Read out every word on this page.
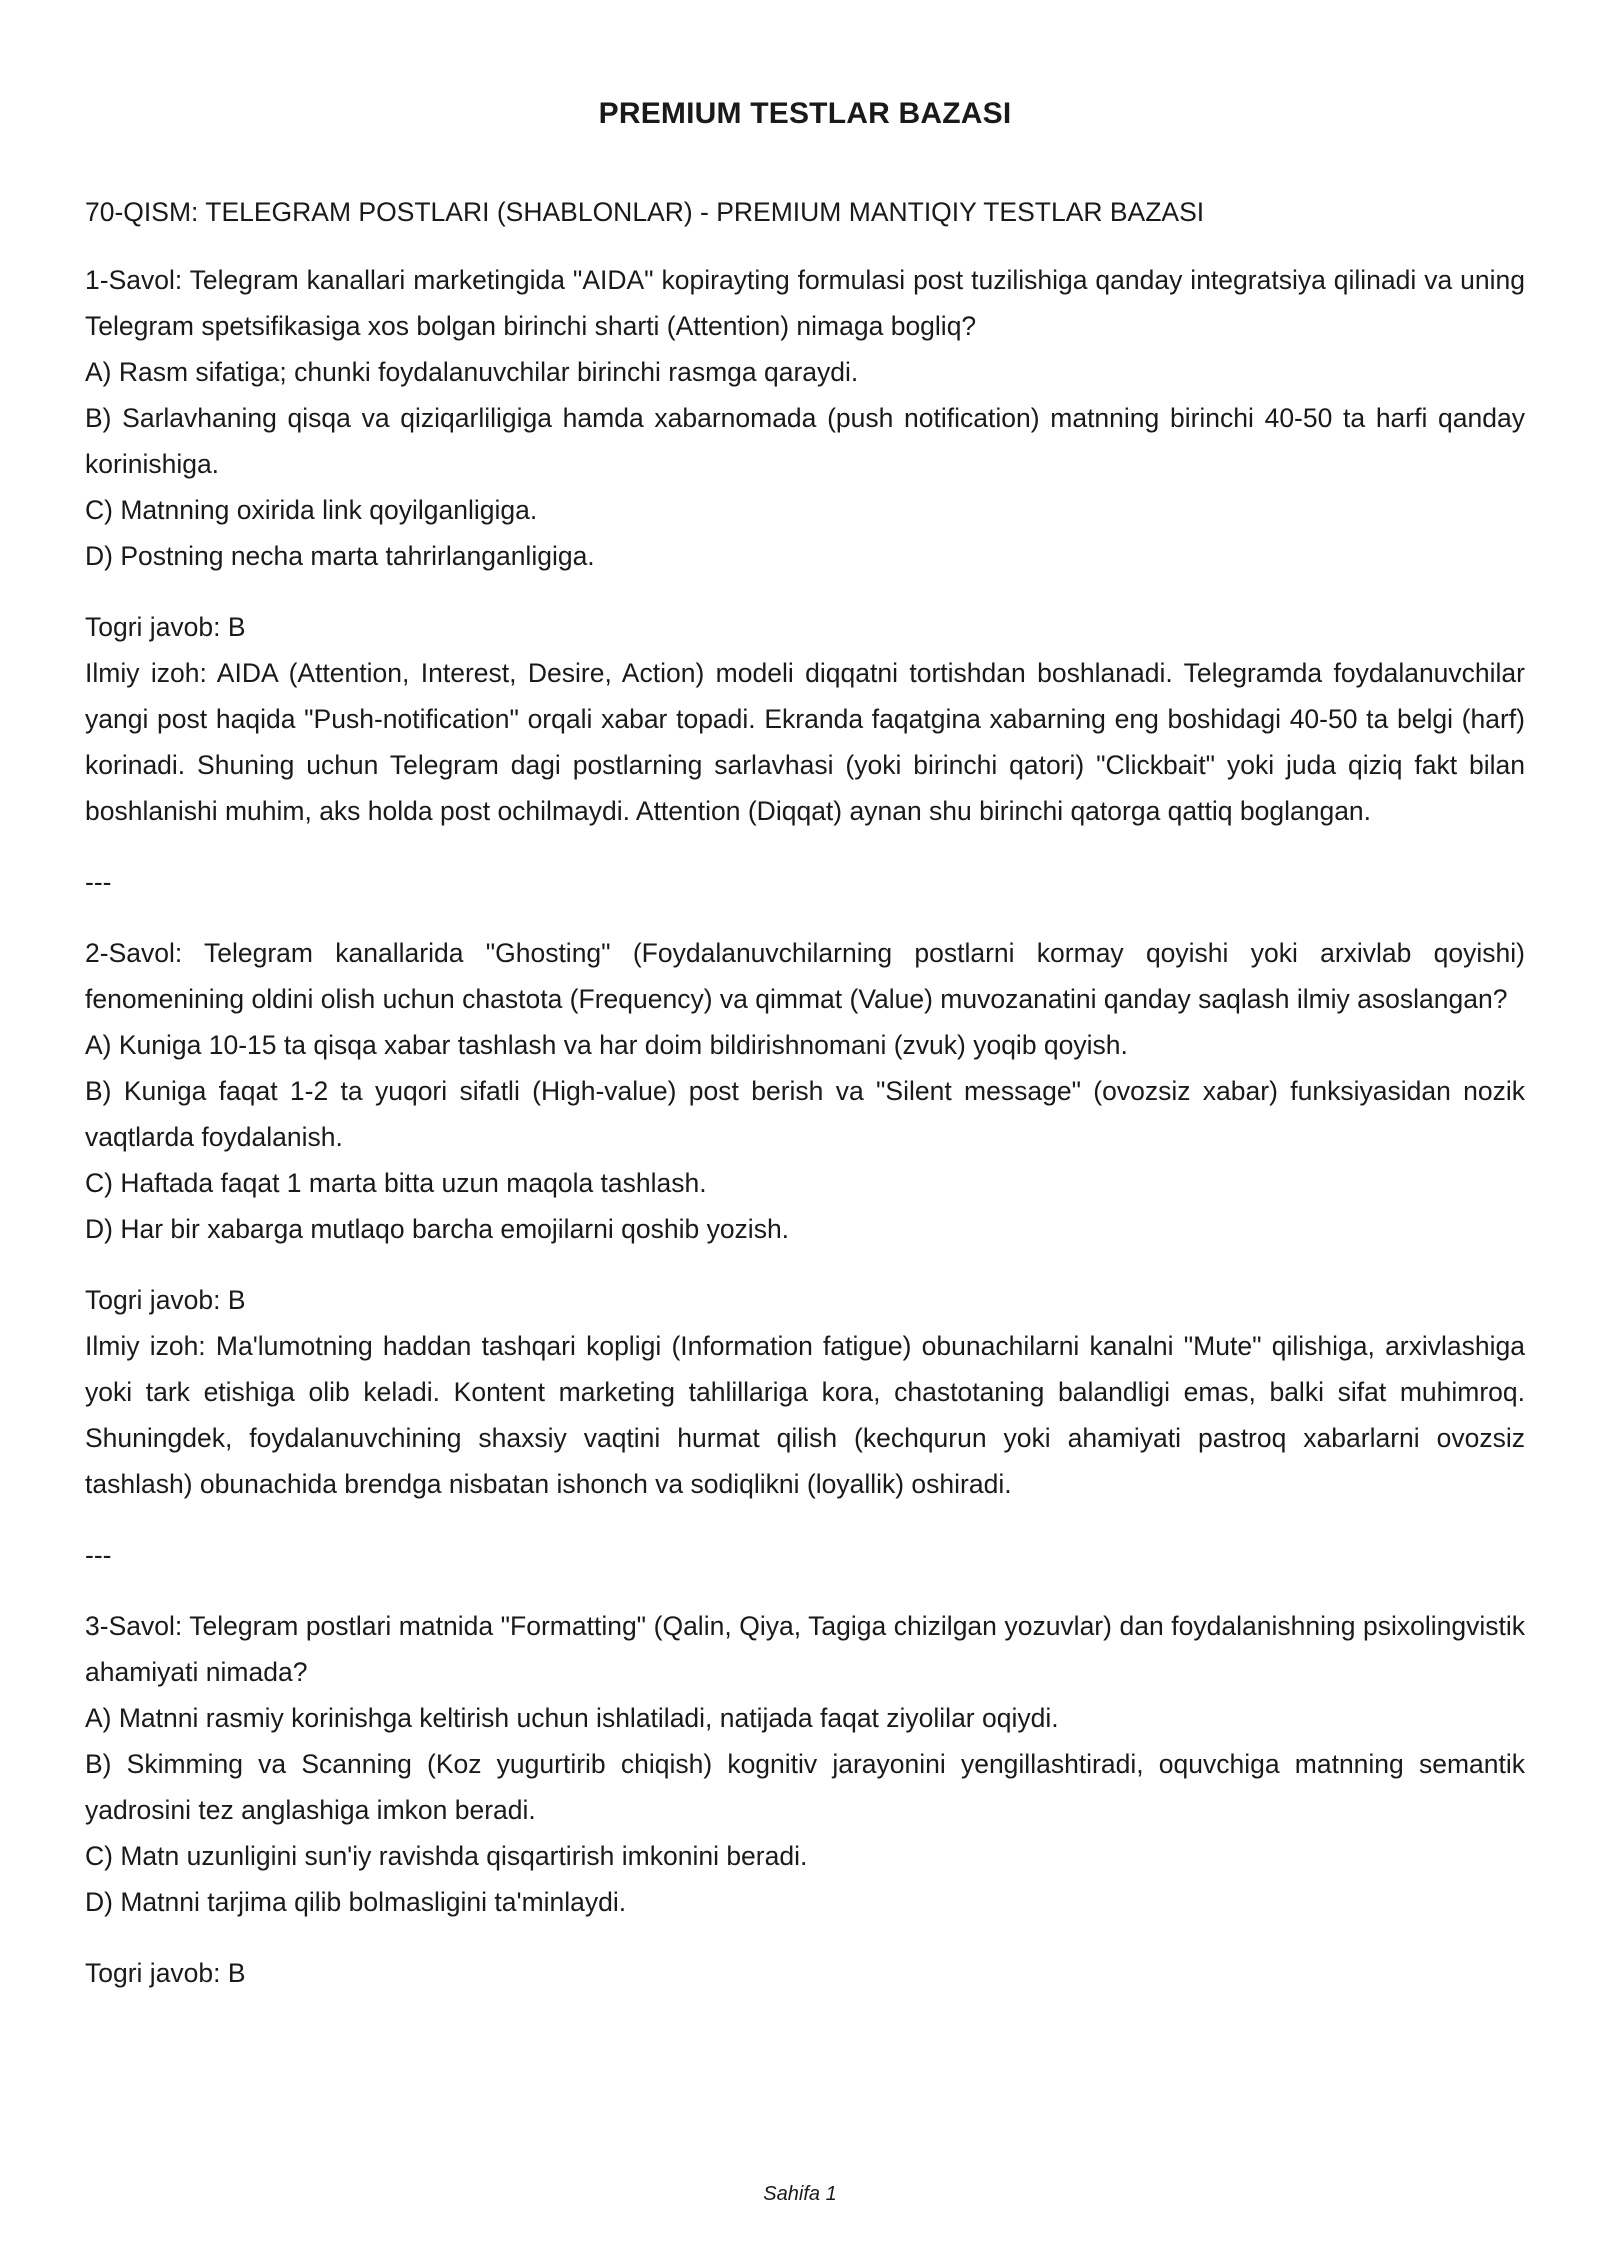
PREMIUM TESTLAR BAZASI
70-QISM: TELEGRAM POSTLARI (SHABLONLAR) - PREMIUM MANTIQIY TESTLAR BAZASI

1-Savol: Telegram kanallari marketingida "AIDA" kopirayting formulasi post tuzilishiga qanday integratsiya qilinadi va uning Telegram spetsifikasiga xos bolgan birinchi sharti (Attention) nimaga bogliq?

A) Rasm sifatiga; chunki foydalanuvchilar birinchi rasmga qaraydi.

B) Sarlavhaning qisqa va qiziqarliligiga hamda xabarnomada (push notification) matnning birinchi 40-50 ta harfi qanday korinishiga.

C) Matnning oxirida link qoyilganligiga.

D) Postning necha marta tahrirlanganligiga.

Togri javob: B

Ilmiy izoh: AIDA (Attention, Interest, Desire, Action) modeli diqqatni tortishdan boshlanadi. Telegramda foydalanuvchilar yangi post haqida "Push-notification" orqali xabar topadi. Ekranda faqatgina xabarning eng boshidagi 40-50 ta belgi (harf) korinadi. Shuning uchun Telegram dagi postlarning sarlavhasi (yoki birinchi qatori) "Clickbait" yoki juda qiziq fakt bilan boshlanishi muhim, aks holda post ochilmaydi. Attention (Diqqat) aynan shu birinchi qatorga qattiq boglangan.

---

2-Savol: Telegram kanallarida "Ghosting" (Foydalanuvchilarning postlarni kormay qoyishi yoki arxivlab qoyishi) fenomenining oldini olish uchun chastota (Frequency) va qimmat (Value) muvozanatini qanday saqlash ilmiy asoslangan?

A) Kuniga 10-15 ta qisqa xabar tashlash va har doim bildirishnomani (zvuk) yoqib qoyish.

B) Kuniga faqat 1-2 ta yuqori sifatli (High-value) post berish va "Silent message" (ovozsiz xabar) funksiyasidan nozik vaqtlarda foydalanish.

C) Haftada faqat 1 marta bitta uzun maqola tashlash.

D) Har bir xabarga mutlaqo barcha emojilarni qoshib yozish.

Togri javob: B

Ilmiy izoh: Ma'lumotning haddan tashqari kopligi (Information fatigue) obunachilarni kanalni "Mute" qilishiga, arxivlashiga yoki tark etishiga olib keladi. Kontent marketing tahlillariga kora, chastotaning balandligi emas, balki sifat muhimroq. Shuningdek, foydalanuvchining shaxsiy vaqtini hurmat qilish (kechqurun yoki ahamiyati pastroq xabarlarni ovozsiz tashlash) obunachida brendga nisbatan ishonch va sodiqlikni (loyallik) oshiradi.

---

3-Savol: Telegram postlari matnida "Formatting" (Qalin, Qiya, Tagiga chizilgan yozuvlar) dan foydalanishning psixolingvistik ahamiyati nimada?

A) Matnni rasmiy korinishga keltirish uchun ishlatiladi, natijada faqat ziyolilar oqiydi.

B) Skimming va Scanning (Koz yugurtirib chiqish) kognitiv jarayonini yengillashtiradi, oquvchiga matnning semantik yadrosini tez anglashiga imkon beradi.

C) Matn uzunligini sun'iy ravishda qisqartirish imkonini beradi.

D) Matnni tarjima qilib bolmasligini ta'minlaydi.

Togri javob: B

Sahifa 1
